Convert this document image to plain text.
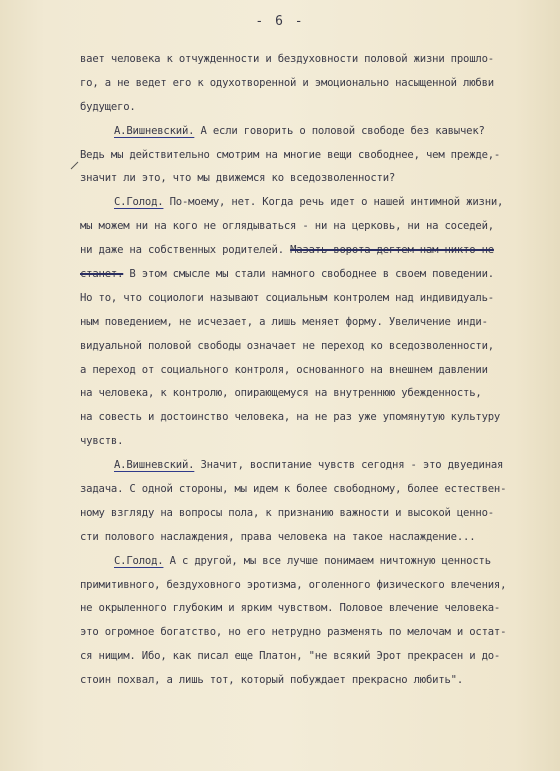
- 6 -
вает человека к отчужденности и бездуховности половой жизни прошло-
го, а не ведет его к одухотворенной и эмоционально насыщенной любви
будущего.
А.Вишневский. А если говорить о половой свободе без кавычек?
Ведь мы действительно смотрим на многие вещи свободнее, чем прежде,-
значит ли это, что мы движемся ко вседозволенности?
С.Голод. По-моему, нет. Когда речь идет о нашей интимной жизни,
мы можем ни на кого не оглядываться - ни на церковь, ни на соседей,
ни даже на собственных родителей. Мазать ворота дегтем нам никто не
станет. В этом смысле мы стали намного свободнее в своем поведении.
Но то, что социологи называют социальным контролем над индивидуаль-
ным поведением, не исчезает, а лишь меняет форму. Увеличение инди-
видуальной половой свободы означает не переход ко вседозволенности,
а переход от социального контроля, основанного на внешнем давлении
на человека, к контролю, опирающемуся на внутреннюю убежденность,
на совесть и достоинство человека, на не раз уже упомянутую культуру
чувств.
А.Вишневский. Значит, воспитание чувств сегодня - это двуединая
задача. С одной стороны, мы идем к более свободному, более естествен-
ному взгляду на вопросы пола, к признанию важности и высокой ценно-
сти полового наслаждения, права человека на такое наслаждение...
С.Голод. А с другой, мы все лучше понимаем ничтожную ценность
примитивного, бездуховного эротизма, оголенного физического влечения,
не окрыленного глубоким и ярким чувством. Половое влечение человека-
это огромное богатство, но его нетрудно разменять по мелочам и остат-
ся нищим. Ибо, как писал еще Платон, "не всякий Эрот прекрасен и до-
стоин похвал, а лишь тот, который побуждает прекрасно любить".
